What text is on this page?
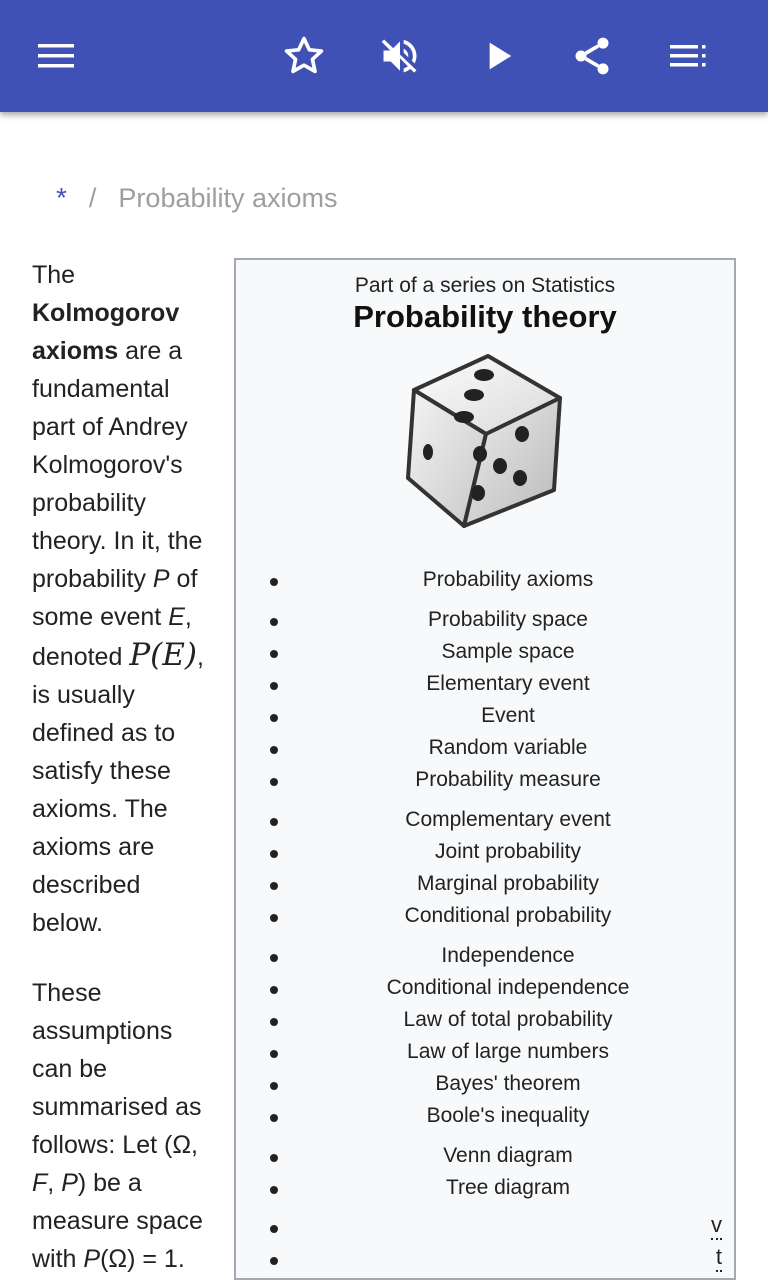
* / Probability axioms

The Kolmogorov axioms are a fundamental part of Andrey Kolmogorov's probability theory. In it, the probability P of some event E, denoted P(E), is usually defined as to satisfy these axioms. The axioms are described below.

These assumptions can be summarised as follows: Let (Ω, F, P) be a measure space with P(Ω) = 1.

Part of a series on Statistics
Probability theory
Probability axioms
Probability space
Sample space
Elementary event
Event
Random variable
Probability measure
Complementary event
Joint probability
Marginal probability
Conditional probability
Independence
Conditional independence
Law of total probability
Law of large numbers
Bayes' theorem
Boole's inequality
Venn diagram
Tree diagram
v
t
